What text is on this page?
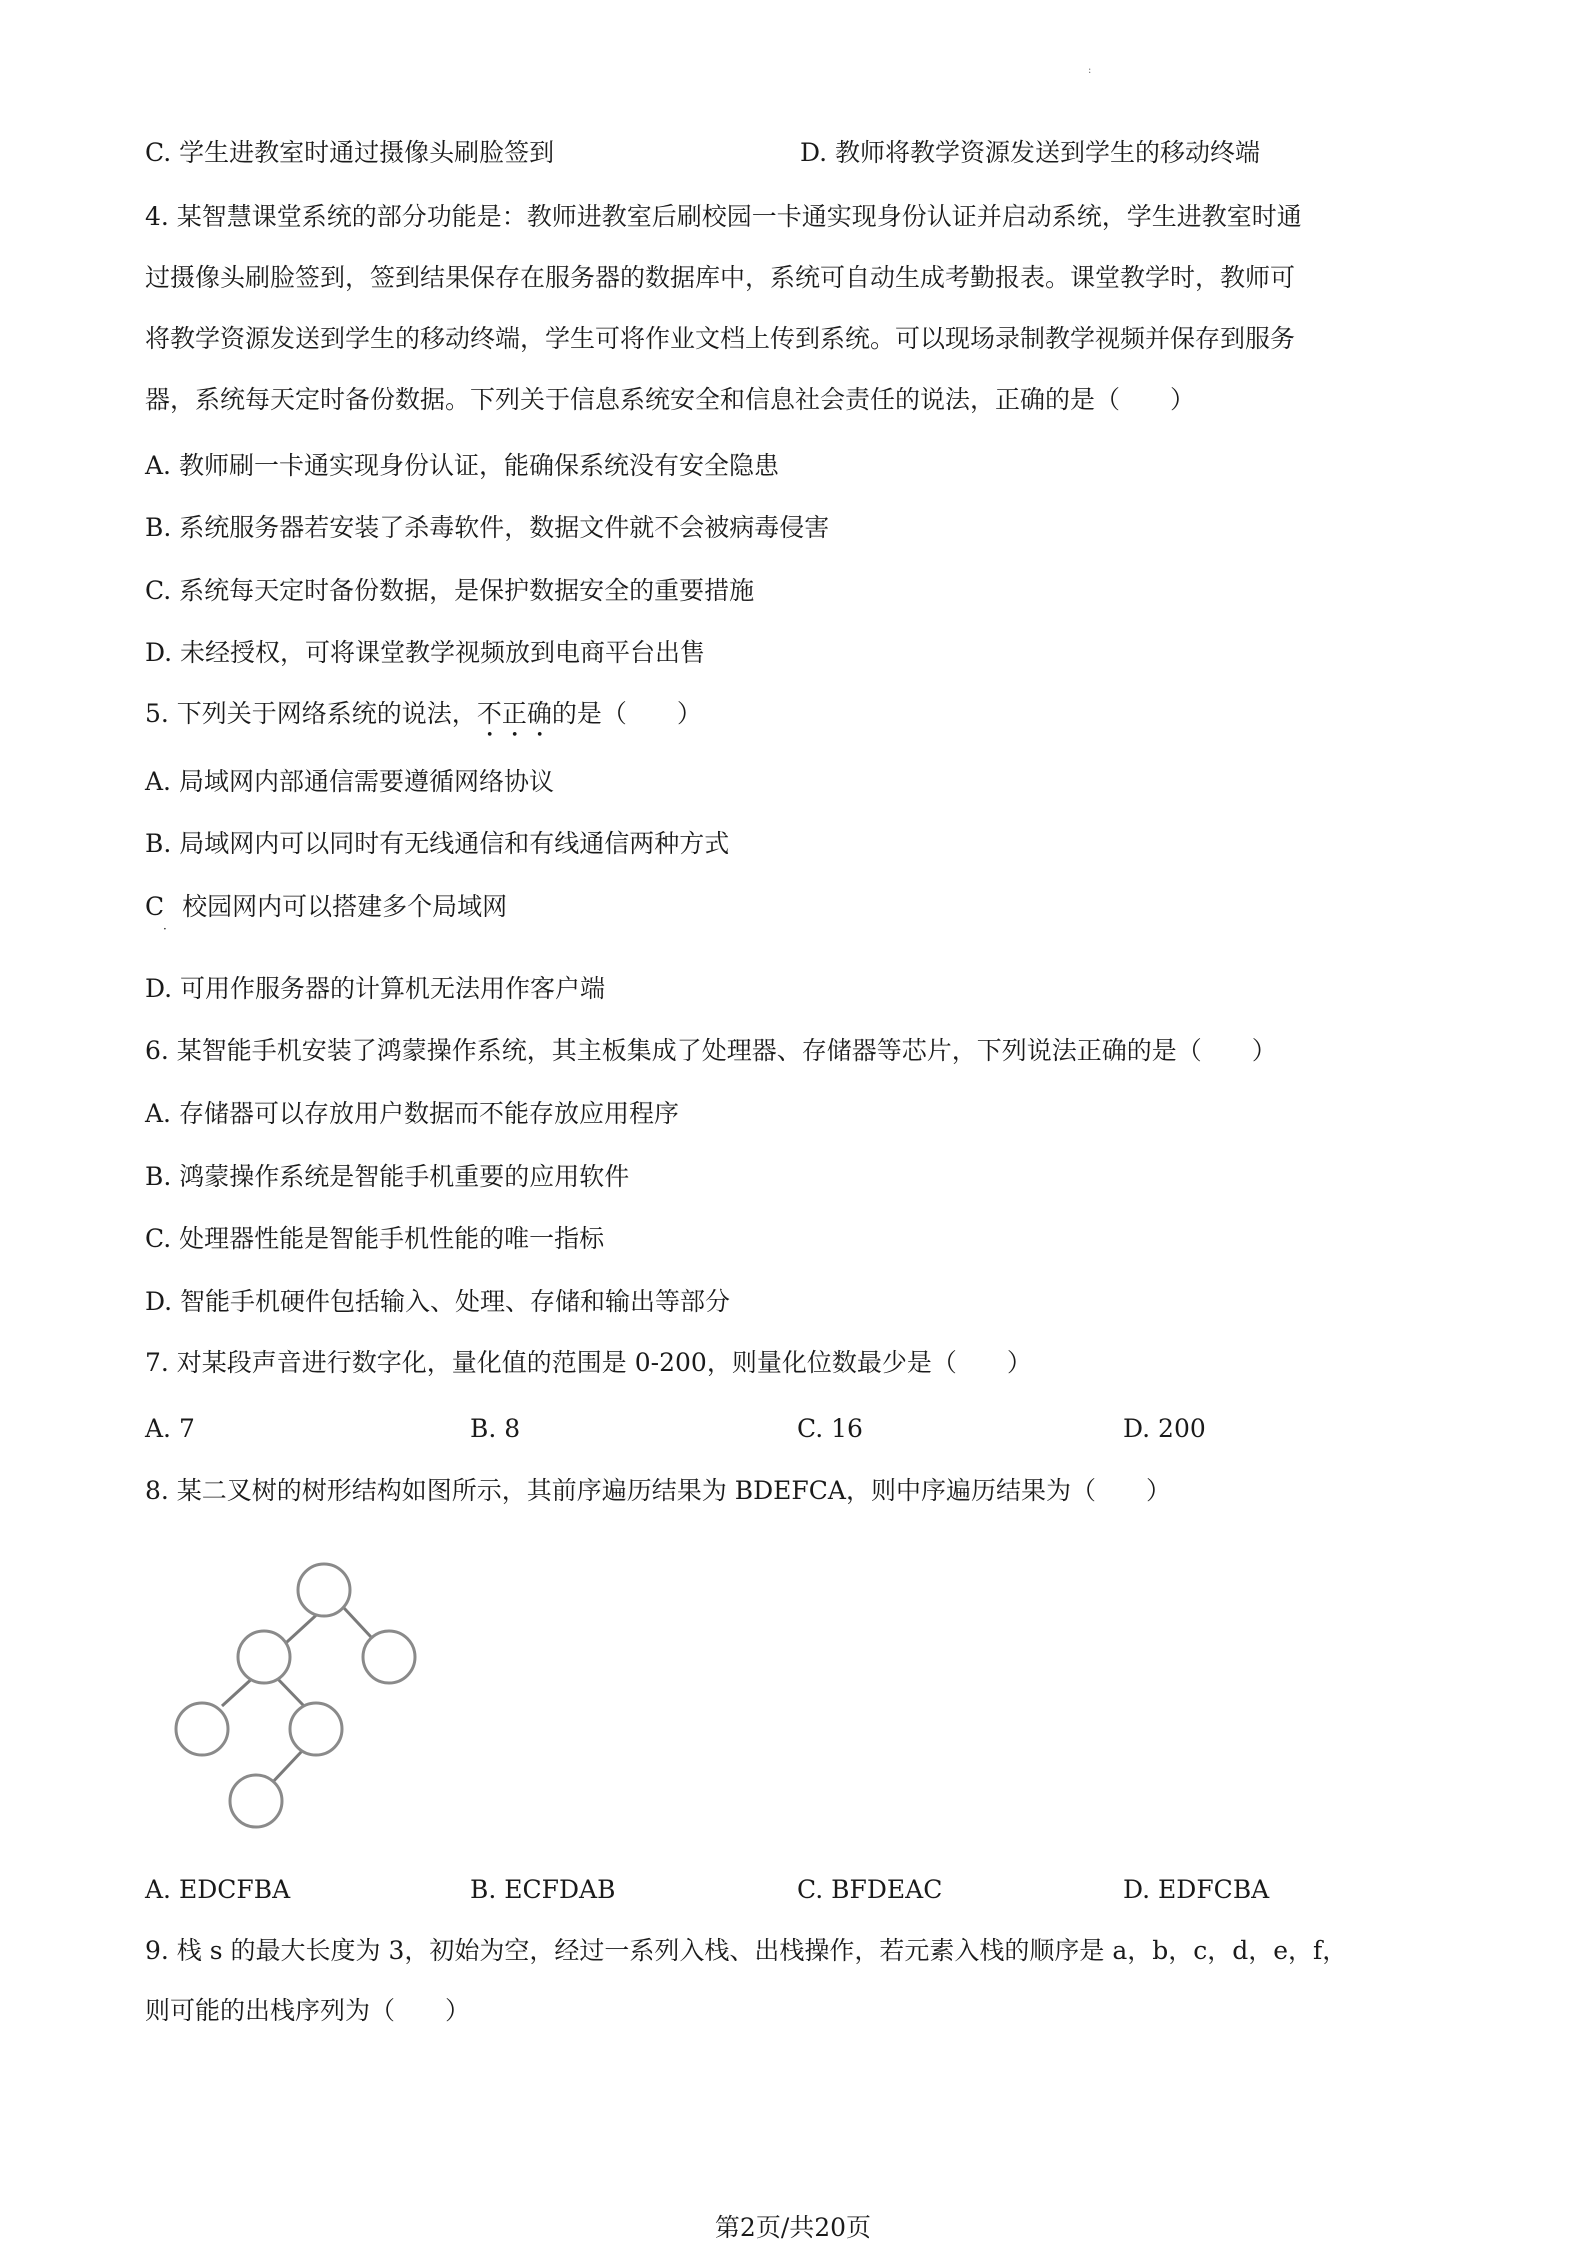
:
C. 学生进教室时通过摄像头刷脸签到	D. 教师将教学资源发送到学生的移动终端
4. 某智慧课堂系统的部分功能是：教师进教室后刷校园一卡通实现身份认证并启动系统，学生进教室时通
过摄像头刷脸签到，签到结果保存在服务器的数据库中，系统可自动生成考勤报表。课堂教学时，教师可
将教学资源发送到学生的移动终端，学生可将作业文档上传到系统。可以现场录制教学视频并保存到服务
器，系统每天定时备份数据。下列关于信息系统安全和信息社会责任的说法，正确的是（　　）
A. 教师刷一卡通实现身份认证，能确保系统没有安全隐患
B. 系统服务器若安装了杀毒软件，数据文件就不会被病毒侵害
C. 系统每天定时备份数据，是保护数据安全的重要措施
D. 未经授权，可将课堂教学视频放到电商平台出售
5. 下列关于网络系统的说法，不正确的是（　　）
A. 局域网内部通信需要遵循网络协议
B. 局域网内可以同时有无线通信和有线通信两种方式
C 校园网内可以搭建多个局域网
·
D. 可用作服务器的计算机无法用作客户端
6. 某智能手机安装了鸿蒙操作系统，其主板集成了处理器、存储器等芯片，下列说法正确的是（　　）
A. 存储器可以存放用户数据而不能存放应用程序
B. 鸿蒙操作系统是智能手机重要的应用软件
C. 处理器性能是智能手机性能的唯一指标
D. 智能手机硬件包括输入、处理、存储和输出等部分
7. 对某段声音进行数字化，量化值的范围是 0-200，则量化位数最少是（　　）
A. 7	B. 8	C. 16	D. 200
8. 某二叉树的树形结构如图所示，其前序遍历结果为 BDEFCA，则中序遍历结果为（　　）
A. EDCFBA	B. ECFDAB	C. BFDEAC	D. EDFCBA
9. 栈 s 的最大长度为 3，初始为空，经过一系列入栈、出栈操作，若元素入栈的顺序是 a，b，c，d，e，f，
则可能的出栈序列为（　　）
第2页/共20页
